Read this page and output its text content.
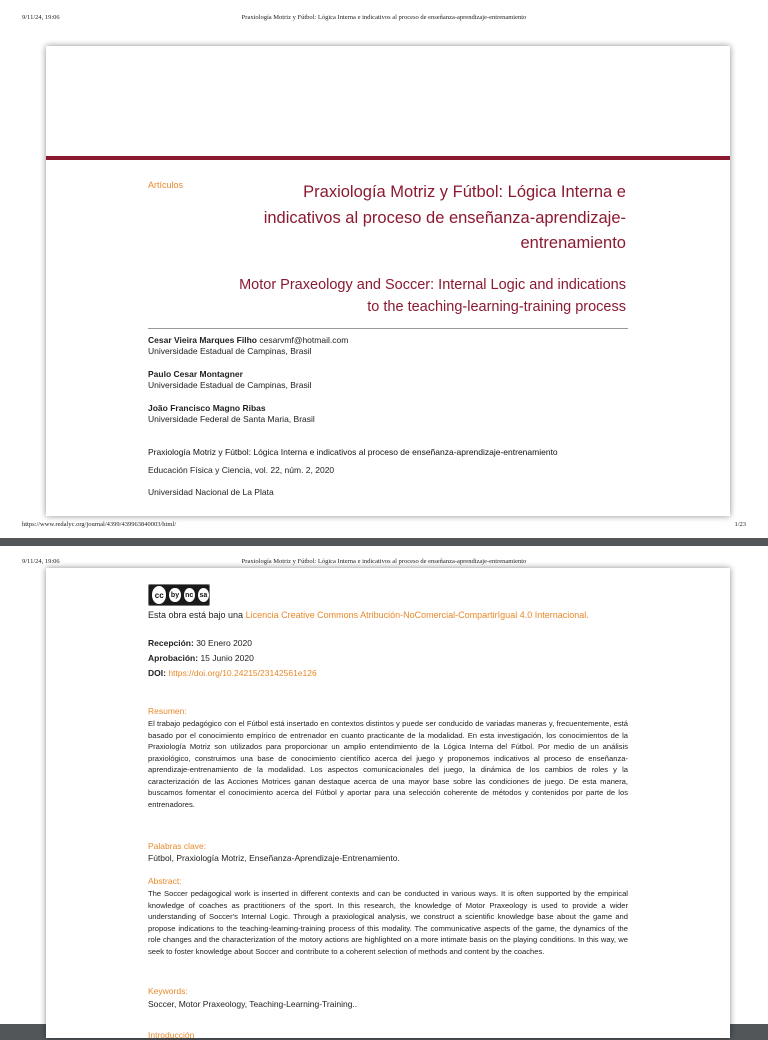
9/11/24, 19:06	Praxiología Motriz y Fútbol: Lógica Interna e indicativos al proceso de enseñanza-aprendizaje-entrenamiento
Artículos	Praxiología Motriz y Fútbol: Lógica Interna e indicativos al proceso de enseñanza-aprendizaje-entrenamiento
Motor Praxeology and Soccer: Internal Logic and indications to the teaching-learning-training process
Cesar Vieira Marques Filho cesarvmf@hotmail.com
Universidade Estadual de Campinas, Brasil
Paulo Cesar Montagner
Universidade Estadual de Campinas, Brasil
João Francisco Magno Ribas
Universidade Federal de Santa Maria, Brasil
Praxiología Motriz y Fútbol: Lógica Interna e indicativos al proceso de enseñanza-aprendizaje-entrenamiento
Educación Física y Ciencia, vol. 22, núm. 2, 2020
Universidad Nacional de La Plata
https://www.redalyc.org/journal/4399/439963840003/html/	1/23
9/11/24, 19:06	Praxiología Motriz y Fútbol: Lógica Interna e indicativos al proceso de enseñanza-aprendizaje-entrenamiento
cc	by nc sa
Esta obra está bajo una Licencia Creative Commons Atribución-NoComercial-CompartirIgual 4.0 Internacional.
Recepción: 30 Enero 2020
Aprobación: 15 Junio 2020
DOI: https://doi.org/10.24215/23142561e126
Resumen:

El trabajo pedagógico con el Fútbol está insertado en contextos distintos y puede ser conducido de variadas maneras y, frecuentemente, está basado por el conocimiento empírico de entrenador en cuanto practicante de la modalidad. En esta investigación, los conocimientos de la Praxiología Motriz son utilizados para proporcionar un amplio entendimiento de la Lógica Interna del Fútbol. Por medio de un análisis praxiológico, construimos una base de conocimiento científico acerca del juego y proponemos indicativos al proceso de enseñanza-aprendizaje-entrenamiento de la modalidad. Los aspectos comunicacionales del juego, la dinámica de los cambios de roles y la caracterización de las Acciones Motrices ganan destaque acerca de una mayor base sobre las condiciones de juego. De esta manera, buscamos fomentar el conocimiento acerca del Fútbol y aportar para una selección coherente de métodos y contenidos por parte de los entrenadores.

Palabras clave:
Fútbol, Praxiología Motriz, Enseñanza-Aprendizaje-Entrenamiento.
Abstract:

The Soccer pedagogical work is inserted in different contexts and can be conducted in various ways. It is often supported by the empirical knowledge of coaches as practitioners of the sport. In this research, the knowledge of Motor Praxeology is used to provide a wider understanding of Soccer's Internal Logic. Through a praxiological analysis, we construct a scientific knowledge base about the game and propose indications to the teaching-learning-training process of this modality. The communicative aspects of the game, the dynamics of the role changes and the characterization of the motory actions are highlighted on a more intimate basis on the playing conditions. In this way, we seek to foster knowledge about Soccer and contribute to a coherent selection of methods and content by the coaches.

Keywords:
Soccer, Motor Praxeology, Teaching-Learning-Training..
Introducción
